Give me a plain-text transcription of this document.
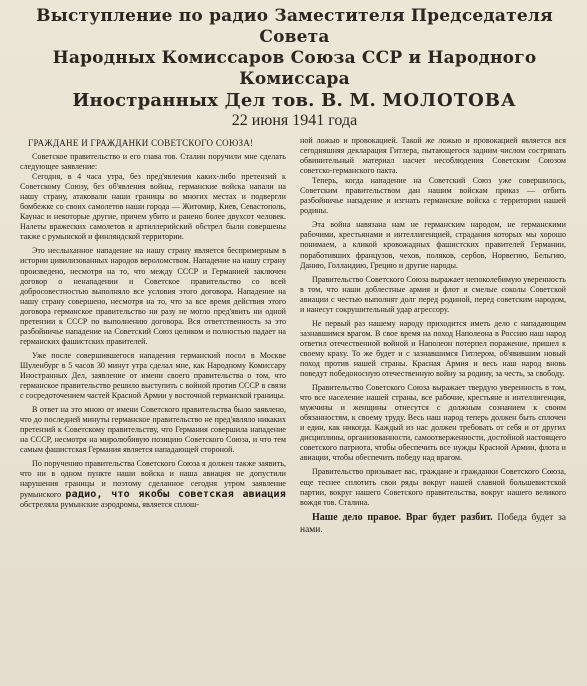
Выступление по радио Заместителя Председателя Совета
Народных Комиссаров Союза ССР и Народного Комиссара
Иностранных Дел тов. В. М. МОЛОТОВА
22 июня 1941 года
ГРАЖДАНЕ И ГРАЖДАНКИ СОВЕТСКОГО СОЮЗА!

Советское правительство и его глава тов. Сталин поручили мне сделать следующее заявление:

Сегодня, в 4 часа утра, без пред'явления каких-либо претензий к Советскому Союзу, без об'явления войны, германские войска напали на нашу страну, атаковали наши границы во многих местах и подвергли бомбежке со своих самолетов наши города — Житомир, Киев, Севастополь, Каунас и некоторые другие, причем убито и ранено более двухсот человек. Налеты вражеских самолетов и артиллерийский обстрел были совершены также с румынской и финляндской территории.

Это неслыханное нападение на нашу страну является беспримерным в истории цивилизованных народов вероломством. Нападение на нашу страну произведено, несмотря на то, что между СССР и Германией заключен договор о ненападении и Советское правительство со всей добросовестностью выполняло все условия этого договора. Нападение на нашу страну совершено, несмотря на то, что за все время действия этого договора германское правительство ни разу не могло пред'явить ни одной претензии к СССР по выполнению договора. Вся ответственность за это разбойничье нападение на Советский Союз целиком и полностью падает на германских фашистских правителей.

Уже после совершившегося нападения германский посол в Москве Шуленбург в 5 часов 30 минут утра сделал мне, как Народному Комиссару Иностранных Дел, заявление от имени своего правительства о том, что германское правительство решило выступить с войной против СССР в связи с сосредоточением частей Красной Армии у восточной германской границы.

В ответ на это мною от имени Советского правительства было заявлено, что до последней минуты германское правительство не пред'являло никаких претензий к Советскому правительству, что Германия совершила нападение на СССР, несмотря на миролюбивую позицию Советского Союза, и что тем самым фашистская Германия является нападающей стороной.

По поручению правительства Советского Союза я должен также заявить, что ни в одном пункте наши войска и наша авиация не допустили нарушения границы и поэтому сделанное сегодня утром заявление румынского радио, что якобы советская авиация обстреляла румынские аэродромы, является сплош-

ной ложью и провокацией. Такой же ложью и провокацией является вся сегодняшняя декларация Гитлера, пытающегося задним числом состряпать обвинительный материал насчет несоблюдения Советским Союзом советско-германского пакта.

Теперь, когда нападение на Советский Союз уже совершилось, Советским правительством дан нашим войскам приказ — отбить разбойничье нападение и изгнать германские войска с территории нашей родины.

Эта война навязана нам не германским народом, не германскими рабочими, крестьянами и интеллигенцией, страдания которых мы хорошо понимаем, а кликой кровожадных фашистских правителей Германии, поработивших французов, чехов, поляков, сербов, Норвегию, Бельгию, Данию, Голландию, Грецию и другие народы.

Правительство Советского Союза выражает непоколебимую уверенность в том, что наши доблестные армия и флот и смелые соколы Советской авиации с честью выполнят долг перед родиной, перед советским народом, и нанесут сокрушительный удар агрессору.

Не первый раз нашему народу приходится иметь дело с нападающим зазнавшимся врагом. В свое время на поход Наполеона в Россию наш народ ответил отечественной войной и Наполеон потерпел поражение, пришел к своему краху. То же будет и с зазнавшимся Гитлером, об'явившим новый поход против нашей страны. Красная Армия и весь наш народ вновь поведут победоносную отечественную войну за родину, за честь, за свободу.

Правительство Советского Союза выражает твердую уверенность в том, что все население нашей страны, все рабочие, крестьяне и интеллигенция, мужчины и женщины отнесутся с должным сознанием к своим обязанностям, к своему труду. Весь наш народ теперь должен быть сплочен и един, как никогда. Каждый из нас должен требовать от себя и от других дисциплины, организованности, самоотверженности, достойной настоящего советского патриота, чтобы обеспечить все нужды Красной Армии, флота и авиации, чтобы обеспечить победу над врагом.

Правительство призывает вас, граждане и гражданки Советского Союза, еще теснее сплотить свои ряды вокруг нашей славной большевистской партии, вокруг нашего Советского правительства, вокруг нашего великого вождя тов. Сталина.

Наше дело правое. Враг будет разбит. Победа будет за нами.
